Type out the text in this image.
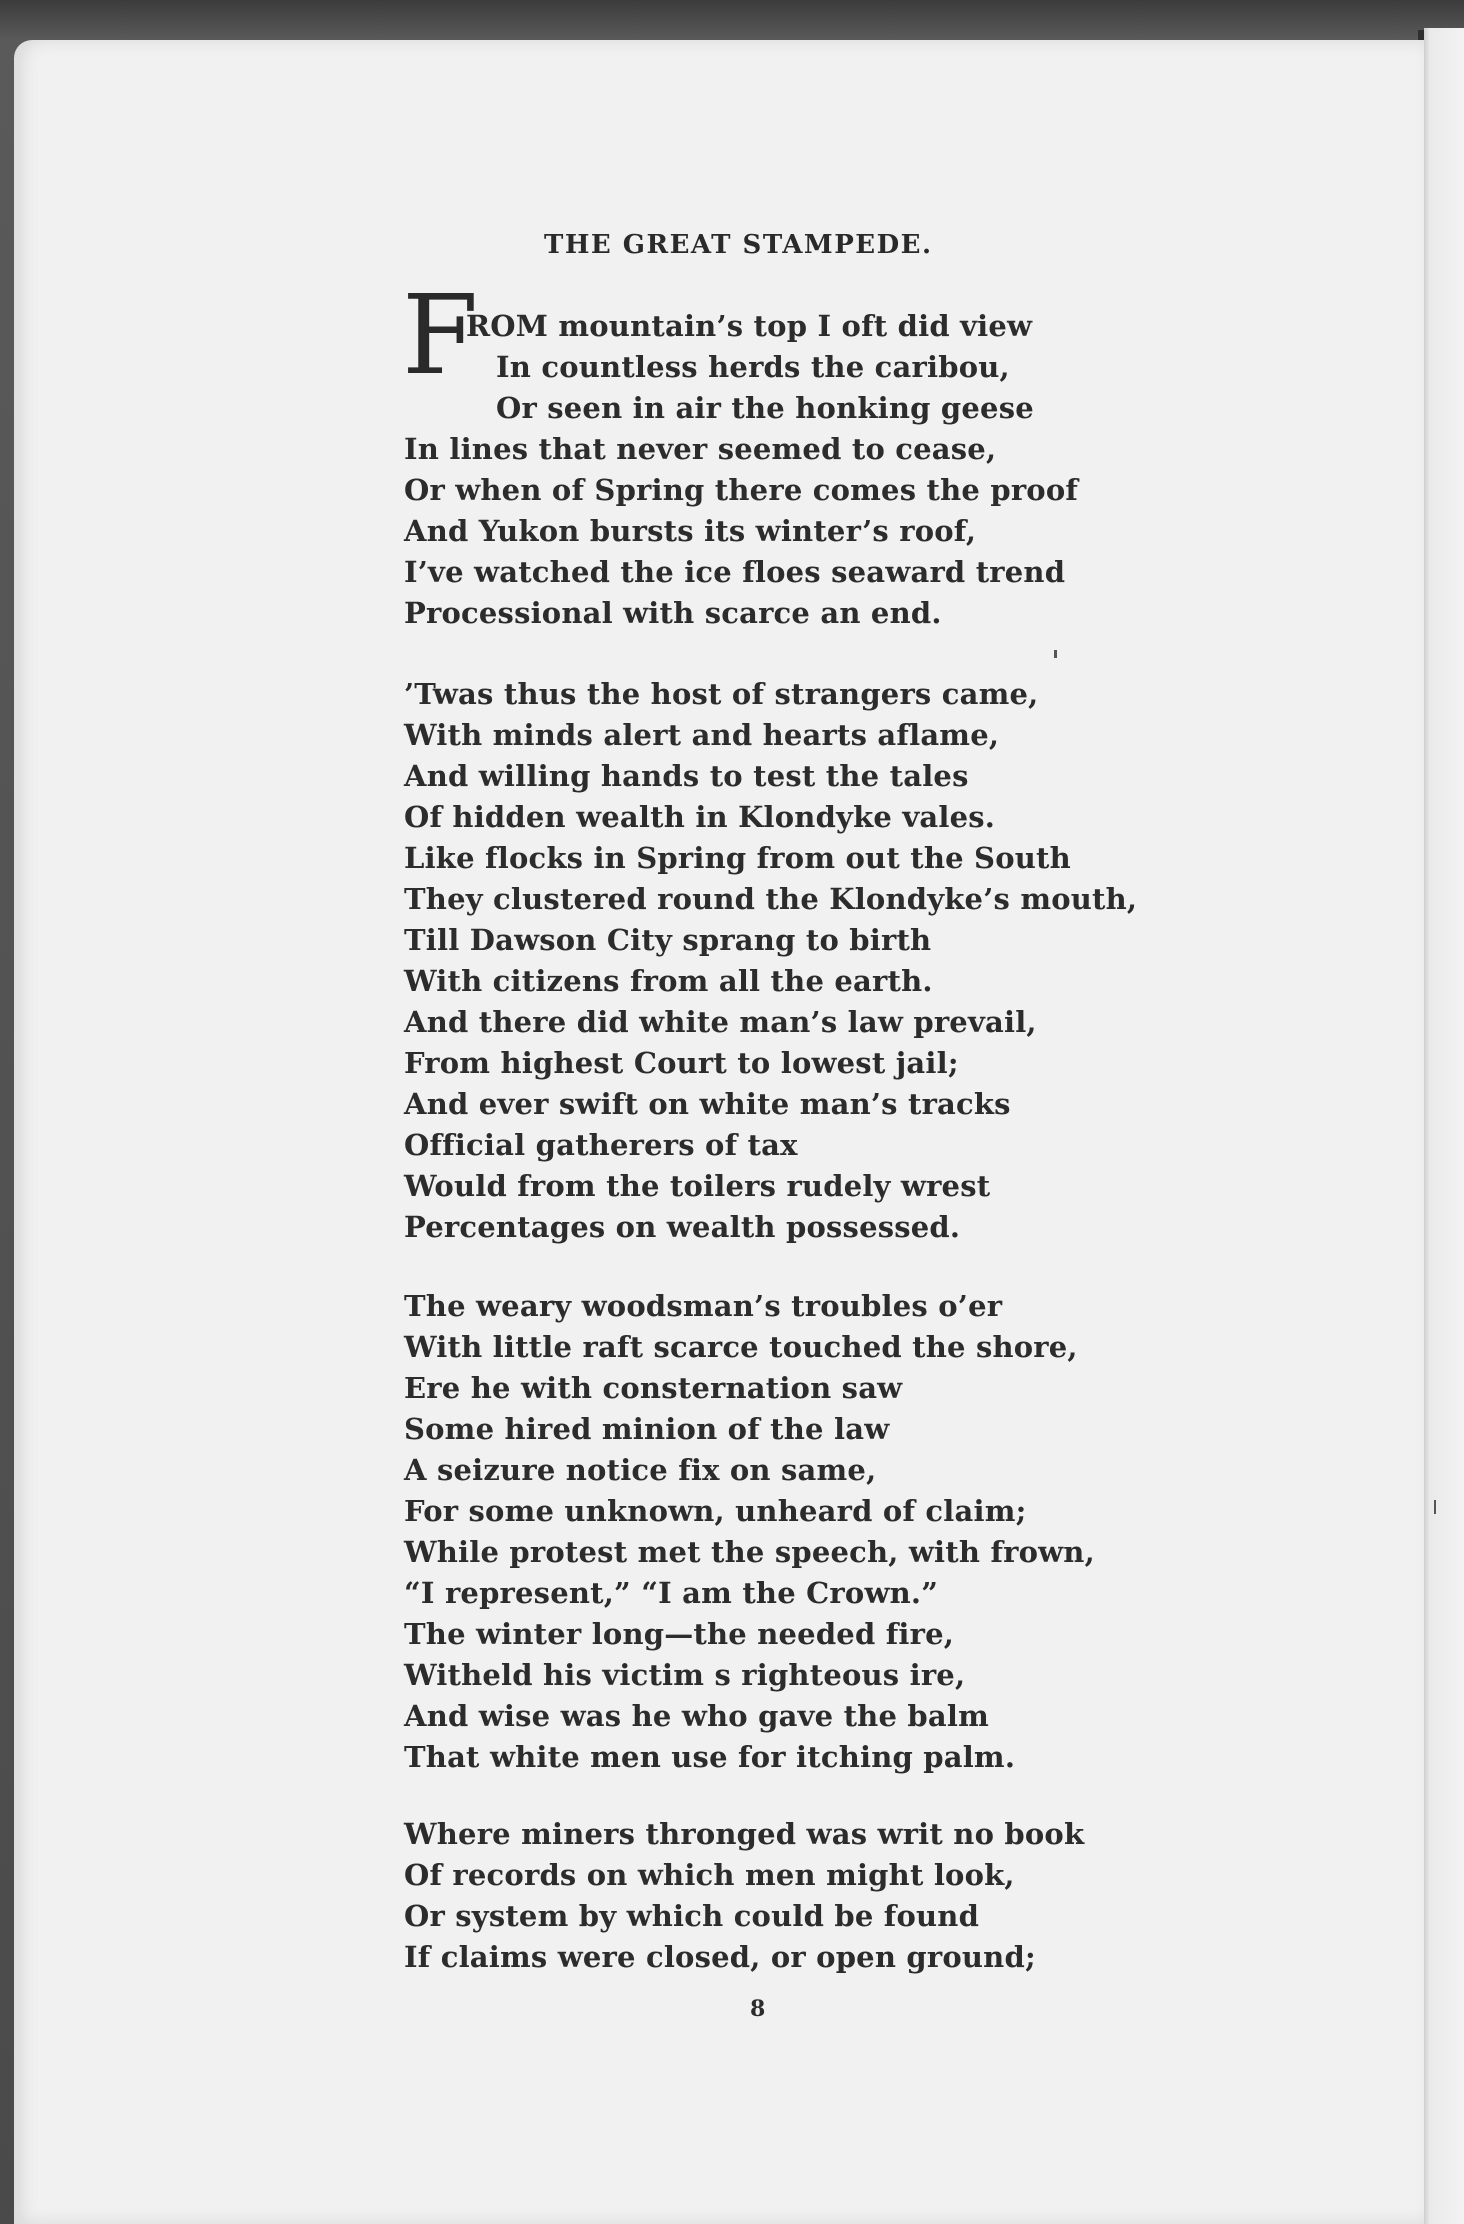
THE GREAT STAMPEDE.
F
ROM mountain’s top I oft did view
In countless herds the caribou,
Or seen in air the honking geese
In lines that never seemed to cease,
Or when of Spring there comes the proof
And Yukon bursts its winter’s roof,
I’ve watched the ice floes seaward trend
Processional with scarce an end.
’Twas thus the host of strangers came,
With minds alert and hearts aflame,
And willing hands to test the tales
Of hidden wealth in Klondyke vales.
Like flocks in Spring from out the South
They clustered round the Klondyke’s mouth,
Till Dawson City sprang to birth
With citizens from all the earth.
And there did white man’s law prevail,
From highest Court to lowest jail;
And ever swift on white man’s tracks
Official gatherers of tax
Would from the toilers rudely wrest
Percentages on wealth possessed.
The weary woodsman’s troubles o’er
With little raft scarce touched the shore,
Ere he with consternation saw
Some hired minion of the law
A seizure notice fix on same,
For some unknown, unheard of claim;
While protest met the speech, with frown,
“I represent,” “I am the Crown.”
The winter long—the needed fire,
Witheld his victim s righteous ire,
And wise was he who gave the balm
That white men use for itching palm.
Where miners thronged was writ no book
Of records on which men might look,
Or system by which could be found
If claims were closed, or open ground;
8
